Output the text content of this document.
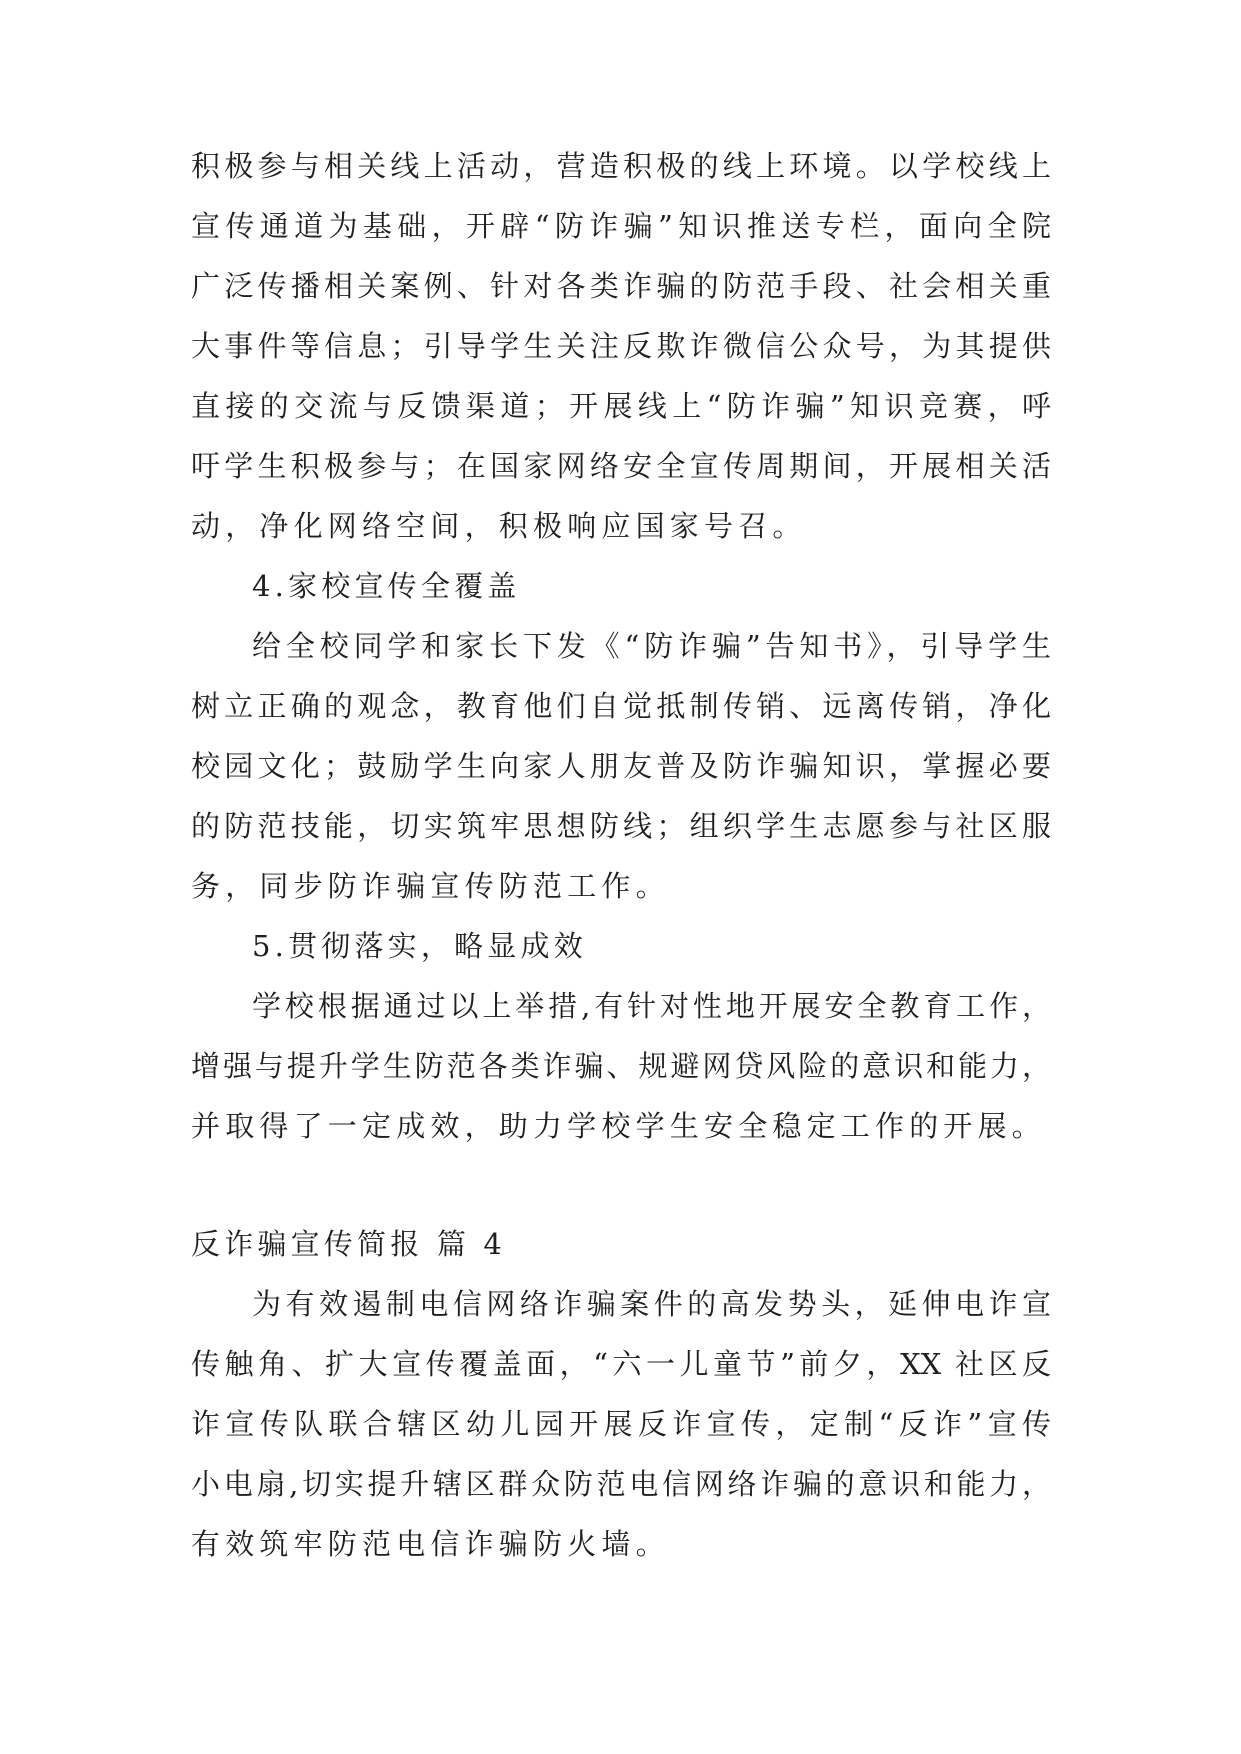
积极参与相关线上活动，营造积极的线上环境。以学校线上
宣传通道为基础，开辟“防诈骗”知识推送专栏，面向全院
广泛传播相关案例、针对各类诈骗的防范手段、社会相关重
大事件等信息；引导学生关注反欺诈微信公众号，为其提供
直接的交流与反馈渠道；开展线上“防诈骗”知识竞赛，呼
吁学生积极参与；在国家网络安全宣传周期间，开展相关活
动，净化网络空间，积极响应国家号召。
4.家校宣传全覆盖
给全校同学和家长下发《“防诈骗”告知书》，引导学生
树立正确的观念，教育他们自觉抵制传销、远离传销，净化
校园文化；鼓励学生向家人朋友普及防诈骗知识，掌握必要
的防范技能，切实筑牢思想防线；组织学生志愿参与社区服
务，同步防诈骗宣传防范工作。
5.贯彻落实，略显成效
学校根据通过以上举措,有针对性地开展安全教育工作，
增强与提升学生防范各类诈骗、规避网贷风险的意识和能力，
并取得了一定成效，助力学校学生安全稳定工作的开展。
反诈骗宣传简报 篇 4
为有效遏制电信网络诈骗案件的高发势头，延伸电诈宣
传触角、扩大宣传覆盖面，“六一儿童节”前夕，XX 社区反
诈宣传队联合辖区幼儿园开展反诈宣传，定制“反诈”宣传
小电扇,切实提升辖区群众防范电信网络诈骗的意识和能力，
有效筑牢防范电信诈骗防火墙。
